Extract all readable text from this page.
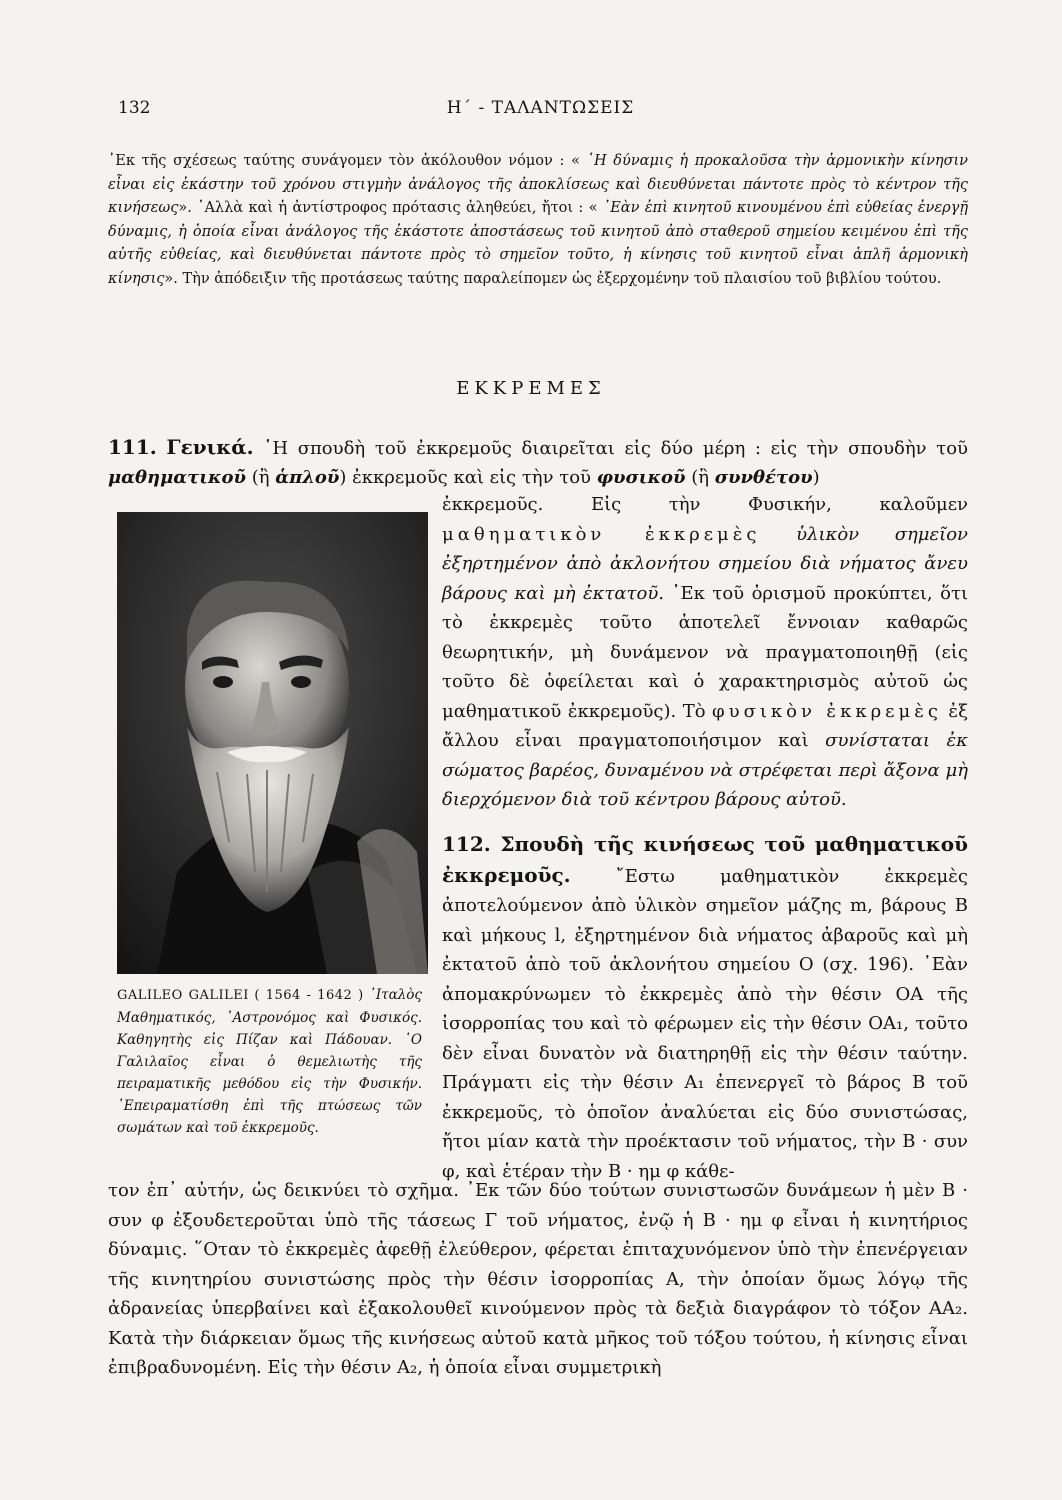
132	Η΄ - ΤΑΛΑΝΤΩΣΕΙΣ
᾿Εκ τῆς σχέσεως ταύτης συνάγομεν τὸν ἀκόλουθον νόμον : « ῾Η δύναμις ἡ προκαλοῦσα τὴν ἁρμονικὴν κίνησιν εἶναι εἰς ἑκάστην τοῦ χρόνου στιγμὴν ἀνάλογος τῆς ἀποκλίσεως καὶ διευθύνεται πάντοτε πρὸς τὸ κέντρον τῆς κινήσεως». ᾿Αλλὰ καὶ ἡ ἀντίστροφος πρότασις ἀληθεύει, ἤτοι : « ᾿Εὰν ἐπὶ κινητοῦ κινουμένου ἐπὶ εὐθείας ἐνεργῇ δύναμις, ἡ ὁποία εἶναι ἀνάλογος τῆς ἑκάστοτε ἀποστάσεως τοῦ κινητοῦ ἀπὸ σταθεροῦ σημείου κειμένου ἐπὶ τῆς αὐτῆς εὐθείας, καὶ διευθύνεται πάντοτε πρὸς τὸ σημεῖον τοῦτο, ἡ κίνησις τοῦ κινητοῦ εἶναι ἁπλῆ ἁρμονικὴ κίνησις». Τὴν ἀπόδειξιν τῆς προτάσεως ταύτης παραλείπομεν ὡς ἐξερχομένην τοῦ πλαισίου τοῦ βιβλίου τούτου.
ΕΚΚΡΕΜΕΣ
111. Γενικά. ῾Η σπουδὴ τοῦ ἐκκρεμοῦς διαιρεῖται εἰς δύο μέρη : εἰς τὴν σπουδὴν τοῦ μαθηματικοῦ (ἢ ἁπλοῦ) ἐκκρεμοῦς καὶ εἰς τὴν τοῦ φυσικοῦ (ἢ συνθέτου)
ἐκκρεμοῦς. Εἰς τὴν Φυσικήν, καλοῦμεν μαθηματικὸν ἐκκρεμὲς ὑλικὸν σημεῖον ἐξηρτημένον ἀπὸ ἀκλονήτου σημείου διὰ νήματος ἄνευ βάρους καὶ μὴ ἐκτατοῦ. ᾿Εκ τοῦ ὁρισμοῦ προκύπτει, ὅτι τὸ ἐκκρεμὲς τοῦτο ἀποτελεῖ ἔννοιαν καθαρῶς θεωρητικήν, μὴ δυνάμενον νὰ πραγματοποιηθῇ (εἰς τοῦτο δὲ ὀφείλεται καὶ ὁ χαρακτηρισμὸς αὐτοῦ ὡς μαθηματικοῦ ἐκκρεμοῦς). Τὸ φυσικὸν ἐκκρεμὲς ἐξ ἄλλου εἶναι πραγματοποιήσιμον καὶ συνίσταται ἐκ σώματος βαρέος, δυναμένου νὰ στρέφεται περὶ ἄξονα μὴ διερχόμενον διὰ τοῦ κέντρου βάρους αὐτοῦ.
GALILEO GALILEI ( 1564 - 1642 ) ᾿Ιταλὸς Μαθηματικός, ᾿Αστρονόμος καὶ Φυσικός. Καθηγητὴς εἰς Πίζαν καὶ Πάδουαν. ῾Ο Γαλιλαῖος εἶναι ὁ θεμελιωτὴς τῆς πειραματικῆς μεθόδου εἰς τὴν Φυσικήν. ᾿Επειραματίσθη ἐπὶ τῆς πτώσεως τῶν σωμάτων καὶ τοῦ ἐκκρεμοῦς.
112. Σπουδὴ τῆς κινήσεως τοῦ μαθηματικοῦ ἐκκρεμοῦς.	῎Εστω μαθηματικὸν ἐκκρεμὲς ἀποτελούμενον ἀπὸ ὑλικὸν σημεῖον μάζης m, βάρους Β καὶ μήκους l, ἐξηρτημένον διὰ νήματος ἀβαροῦς καὶ μὴ ἐκτατοῦ ἀπὸ τοῦ ἀκλονήτου σημείου Ο (σχ. 196). ᾿Εὰν ἀπομακρύνωμεν τὸ ἐκκρεμὲς ἀπὸ τὴν θέσιν ΟΑ τῆς ἰσορροπίας του καὶ τὸ φέρωμεν εἰς τὴν θέσιν ΟΑ₁, τοῦτο δὲν εἶναι δυνατὸν νὰ διατηρηθῇ εἰς τὴν θέσιν ταύτην. Πράγματι εἰς τὴν θέσιν Α₁ ἐπενεργεῖ τὸ βάρος Β τοῦ ἐκκρεμοῦς, τὸ ὁποῖον ἀναλύεται εἰς δύο συνιστώσας, ἤτοι μίαν κατὰ τὴν προέκτασιν τοῦ νήματος, τὴν Β · συν φ, καὶ ἑτέραν τὴν Β · ημ φ κάθε-
τον ἐπ᾿ αὐτήν, ὡς δεικνύει τὸ σχῆμα. ᾿Εκ τῶν δύο τούτων συνιστωσῶν δυνάμεων ἡ μὲν Β · συν φ ἐξουδετεροῦται ὑπὸ τῆς τάσεως Γ τοῦ νήματος, ἐνῷ ἡ Β · ημ φ εἶναι ἡ κινητήριος δύναμις. ῞Οταν τὸ ἐκκρεμὲς ἀφεθῇ ἐλεύθερον, φέρεται ἐπιταχυνόμενον ὑπὸ τὴν ἐπενέργειαν τῆς κινητηρίου συνιστώσης πρὸς τὴν θέσιν ἰσορροπίας Α, τὴν ὁποίαν ὅμως λόγῳ τῆς ἀδρανείας ὑπερβαίνει καὶ ἐξακολουθεῖ κινούμενον πρὸς τὰ δεξιὰ διαγράφον τὸ τόξον ΑΑ₂. Κατὰ τὴν διάρκειαν ὅμως τῆς κινήσεως αὐτοῦ κατὰ μῆκος τοῦ τόξου τούτου, ἡ κίνησις εἶναι ἐπιβραδυνομένη. Εἰς τὴν θέσιν Α₂, ἡ ὁποία εἶναι συμμετρικὴ
